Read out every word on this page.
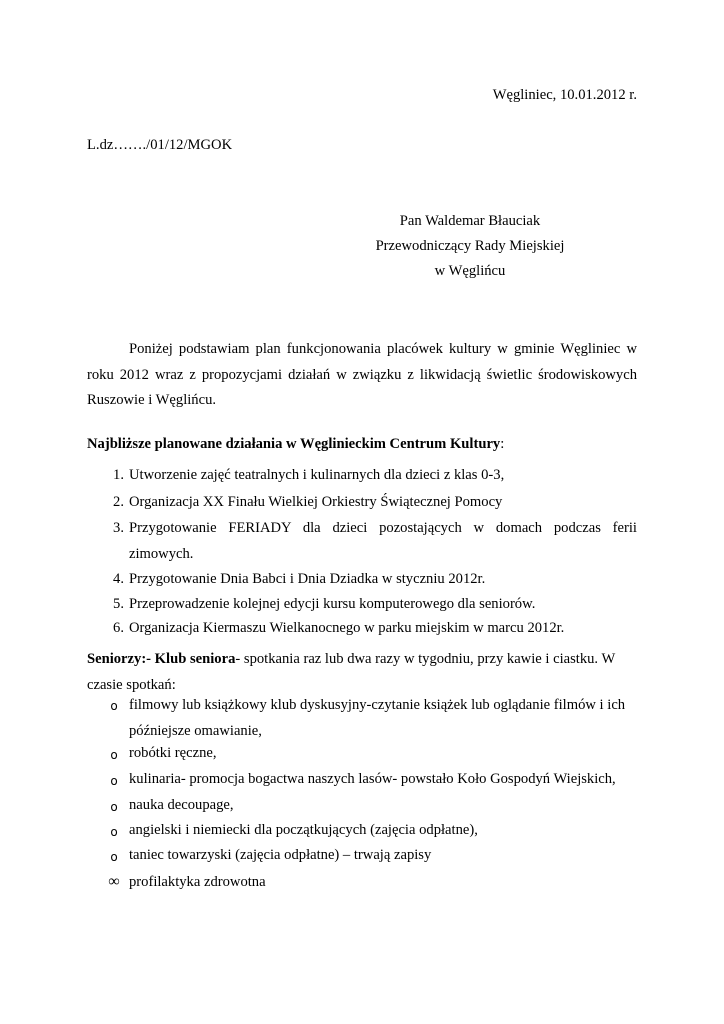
Węgliniec, 10.01.2012 r.
L.dz……./01/12/MGOK
Pan Waldemar Błauciak
Przewodniczący Rady Miejskiej
w Węglińcu
Poniżej podstawiam plan funkcjonowania placówek kultury w gminie Węgliniec w roku 2012 wraz z propozycjami działań w związku z likwidacją świetlic środowiskowych Ruszowie i Węglińcu.
Najbliższe planowane działania w Węglinieckim Centrum Kultury:
1. Utworzenie zajęć teatralnych i kulinarnych dla dzieci z klas 0-3,
2. Organizacja XX Finału Wielkiej Orkiestry Świątecznej Pomocy
3. Przygotowanie FERIADY dla dzieci pozostających w domach podczas ferii zimowych.
4. Przygotowanie Dnia Babci i Dnia Dziadka w styczniu 2012r.
5. Przeprowadzenie kolejnej edycji kursu komputerowego dla seniorów.
6. Organizacja Kiermaszu Wielkanocnego w parku miejskim w marcu 2012r.
Seniorzy:- Klub seniora- spotkania raz lub dwa razy w tygodniu, przy kawie i ciastku. W czasie spotkań:
o filmowy lub książkowy klub dyskusyjny-czytanie książek lub oglądanie filmów i ich późniejsze omawianie,
o robótki ręczne,
o kulinaria- promocja bogactwa naszych lasów- powstało Koło Gospodyń Wiejskich,
o nauka decoupage,
o angielski i niemiecki dla początkujących (zajęcia odpłatne),
o taniec towarzyski (zajęcia odpłatne) – trwają zapisy
∞ profilaktyka zdrowotna
